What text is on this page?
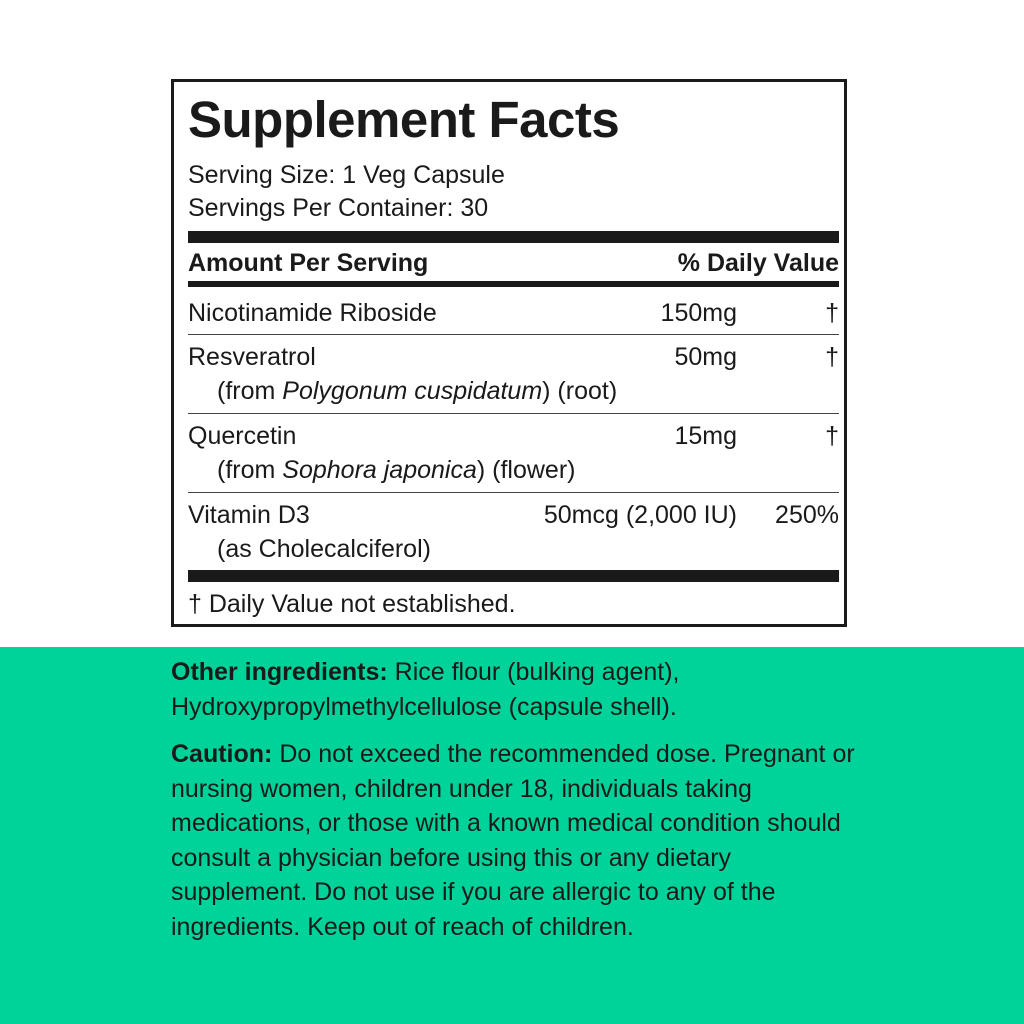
Supplement Facts
Serving Size: 1 Veg Capsule
Servings Per Container: 30
Amount Per Serving	% Daily Value
Nicotinamide Riboside	150mg	†
Resveratrol	50mg	†
(from Polygonum cuspidatum) (root)
Quercetin	15mg	†
(from Sophora japonica) (flower)
Vitamin D3	50mcg (2,000 IU) 250%
(as Cholecalciferol)
† Daily Value not established.

Other ingredients: Rice flour (bulking agent), Hydroxypropylmethylcellulose (capsule shell).

Caution: Do not exceed the recommended dose. Pregnant or nursing women, children under 18, individuals taking medications, or those with a known medical condition should consult a physician before using this or any dietary supplement. Do not use if you are allergic to any of the ingredients. Keep out of reach of children.
